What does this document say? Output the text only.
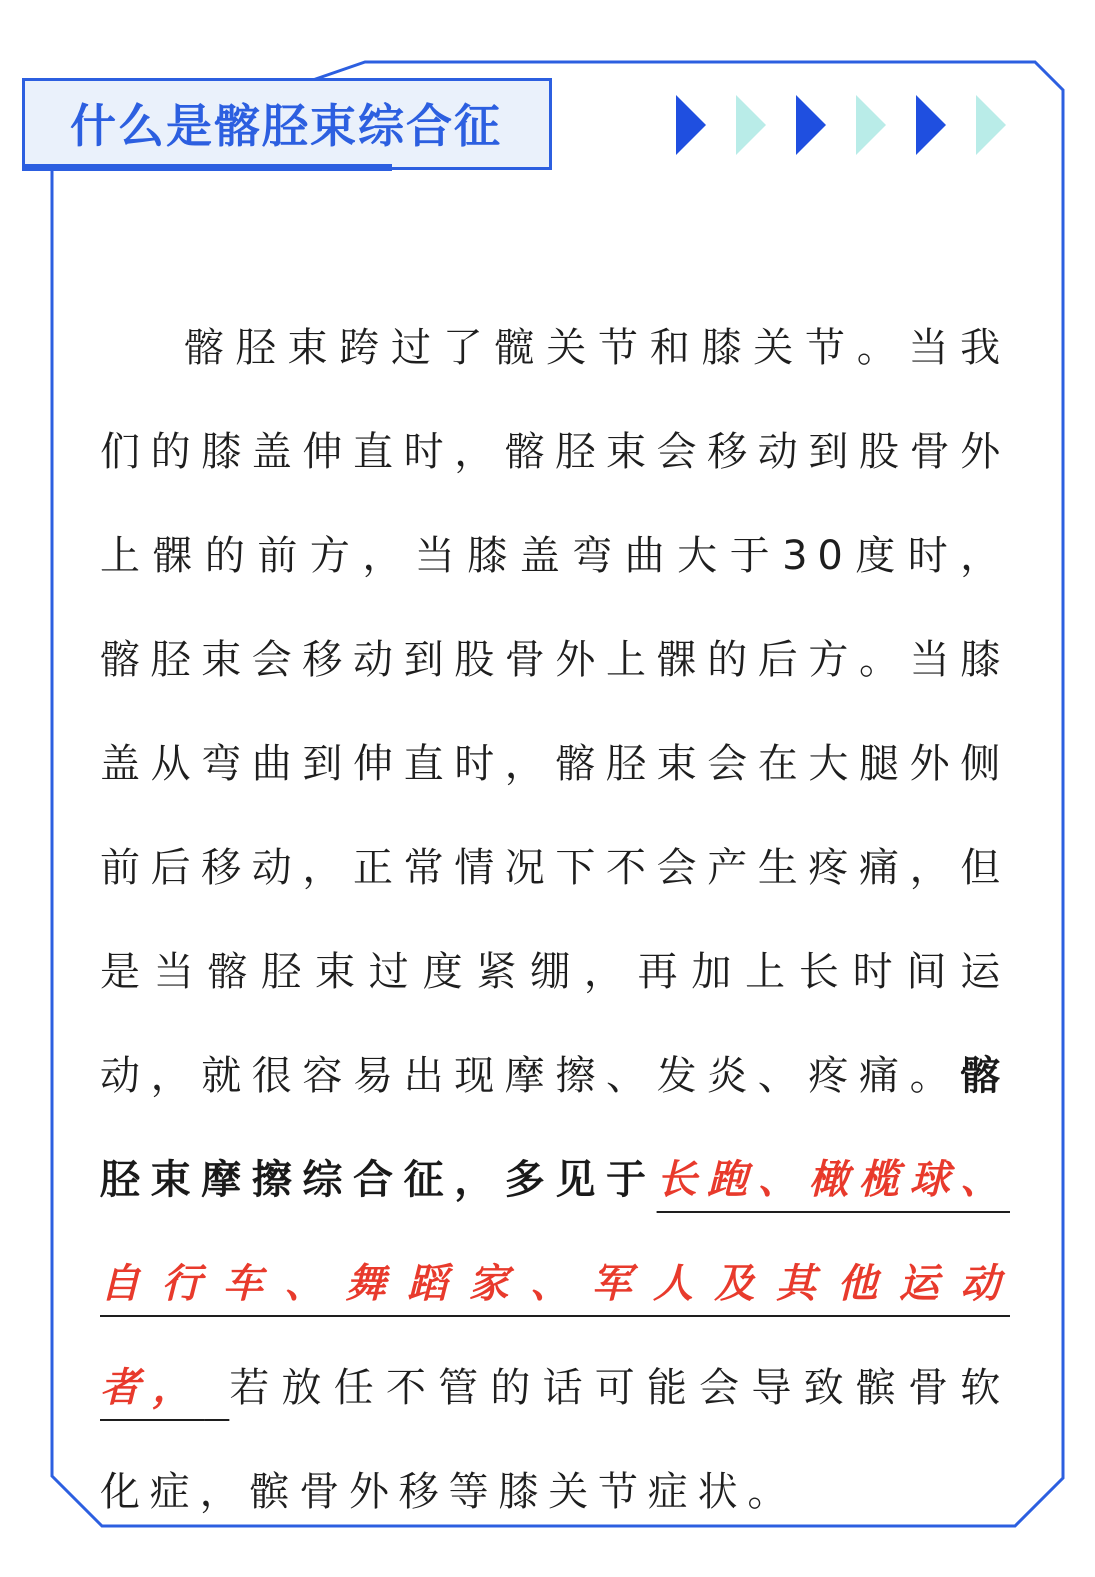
什么是髂胫束综合征

髂胫束跨过了髋关节和膝关节。当我们的膝盖伸直时，髂胫束会移动到股骨外上髁的前方，当膝盖弯曲大于30度时，髂胫束会移动到股骨外上髁的后方。当膝盖从弯曲到伸直时，髂胫束会在大腿外侧前后移动，正常情况下不会产生疼痛，但是当髂胫束过度紧绷，再加上长时间运动，就很容易出现摩擦、发炎、疼痛。髂胫束摩擦综合征，多见于长跑、橄榄球、自行车、舞蹈家、军人及其他运动者， 若放任不管的话可能会导致髌骨软化症，髌骨外移等膝关节症状。
